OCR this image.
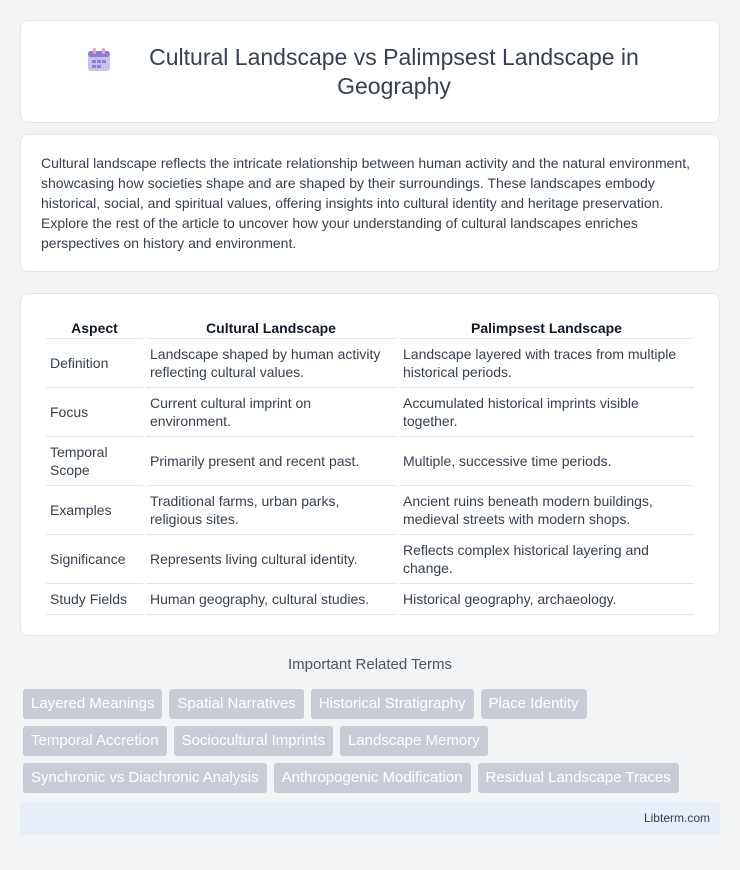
Cultural Landscape vs Palimpsest Landscape in Geography

Cultural landscape reflects the intricate relationship between human activity and the natural environment, showcasing how societies shape and are shaped by their surroundings. These landscapes embody historical, social, and spiritual values, offering insights into cultural identity and heritage preservation. Explore the rest of the article to uncover how your understanding of cultural landscapes enriches perspectives on history and environment.

Aspect	Cultural Landscape	Palimpsest Landscape
Definition	Landscape shaped by human activity reflecting cultural values.	Landscape layered with traces from multiple historical periods.
Focus	Current cultural imprint on environment.	Accumulated historical imprints visible together.
Temporal Scope	Primarily present and recent past.	Multiple, successive time periods.
Examples	Traditional farms, urban parks, religious sites.	Ancient ruins beneath modern buildings, medieval streets with modern shops.
Significance	Represents living cultural identity.	Reflects complex historical layering and change.
Study Fields	Human geography, cultural studies.	Historical geography, archaeology.
Important Related Terms
Layered Meanings	Spatial Narratives	Historical Stratigraphy	Place Identity
Temporal Accretion	Sociocultural Imprints	Landscape Memory
Synchronic vs Diachronic Analysis	Anthropogenic Modification	Residual Landscape Traces
Libterm.com
